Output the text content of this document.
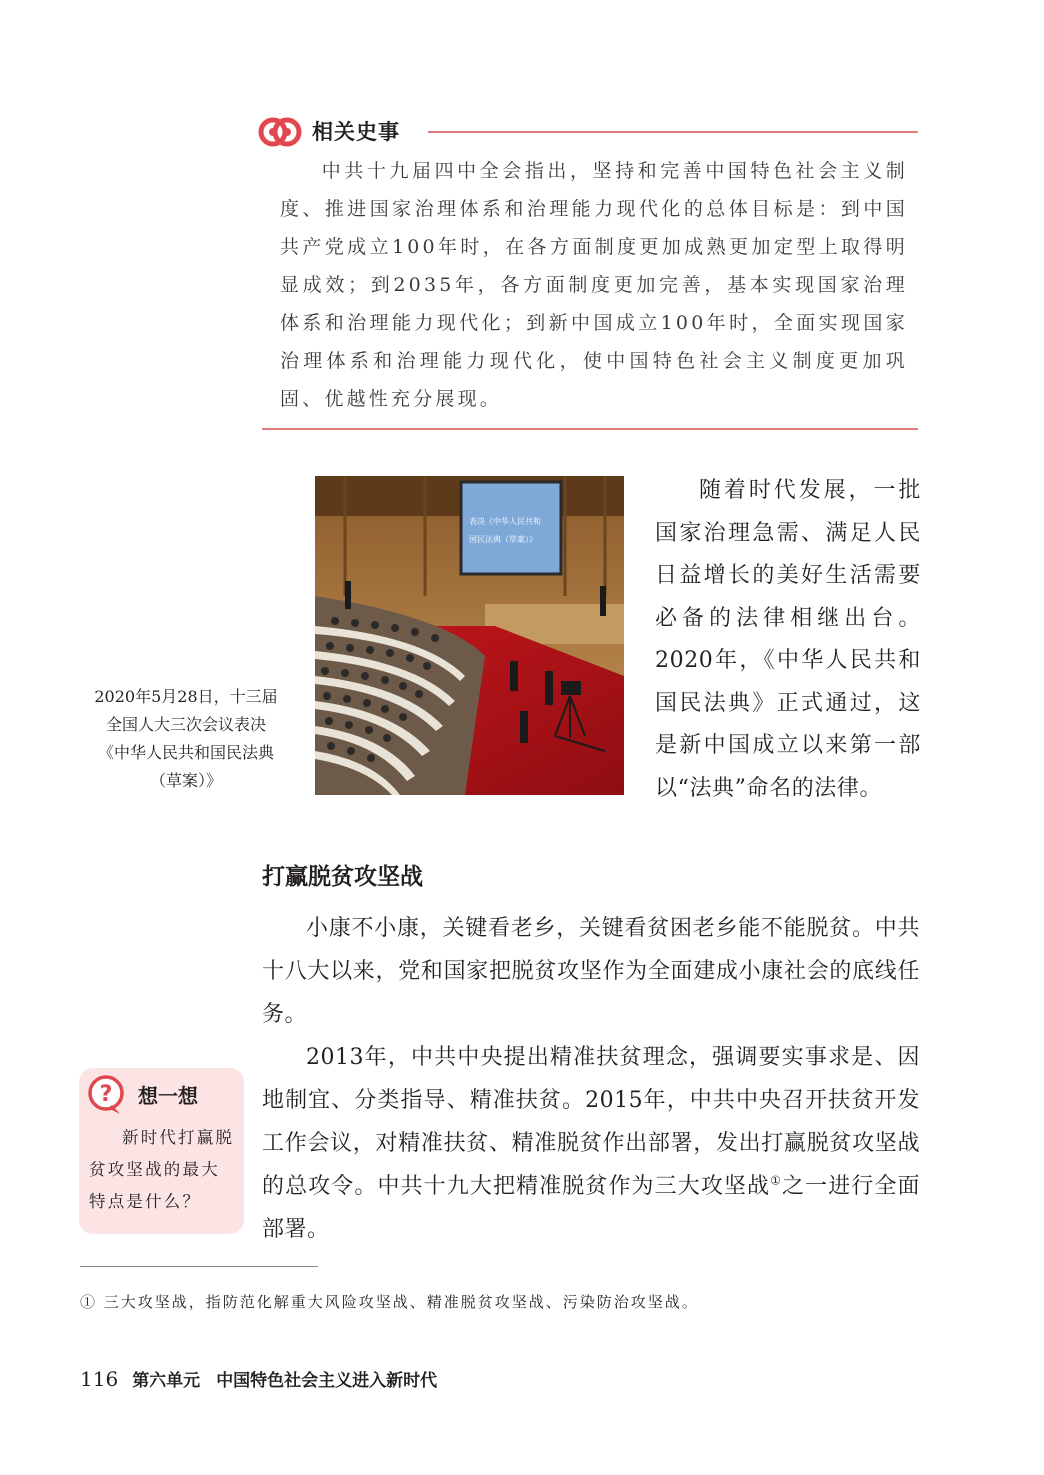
相关史事
中共十九届四中全会指出，坚持和完善中国特色社会主义制度、推进国家治理体系和治理能力现代化的总体目标是：到中国共产党成立100年时，在各方面制度更加成熟更加定型上取得明显成效；到2035年，各方面制度更加完善，基本实现国家治理体系和治理能力现代化；到新中国成立100年时，全面实现国家治理体系和治理能力现代化，使中国特色社会主义制度更加巩固、优越性充分展现。
表决《中华人民共和
国民法典（草案）》
2020年5月28日，十三届
全国人大三次会议表决
《中华人民共和国民法典
（草案）》

随着时代发展，一批国家治理急需、满足人民日益增长的美好生活需要必备的法律相继出台。2020年，《中华人民共和国民法典》正式通过，这是新中国成立以来第一部以“法典”命名的法律。

打赢脱贫攻坚战

小康不小康，关键看老乡，关键看贫困老乡能不能脱贫。中共十八大以来，党和国家把脱贫攻坚作为全面建成小康社会的底线任务。

2013年，中共中央提出精准扶贫理念，强调要实事求是、因地制宜、分类指导、精准扶贫。2015年，中共中央召开扶贫开发工作会议，对精准扶贫、精准脱贫作出部署，发出打赢脱贫攻坚战的总攻令。中共十九大把精准脱贫作为三大攻坚战①之一进行全面部署。

? 想一想
新时代打赢脱贫攻坚战的最大特点是什么？
① 三大攻坚战，指防范化解重大风险攻坚战、精准脱贫攻坚战、污染防治攻坚战。
116 第六单元 中国特色社会主义进入新时代
